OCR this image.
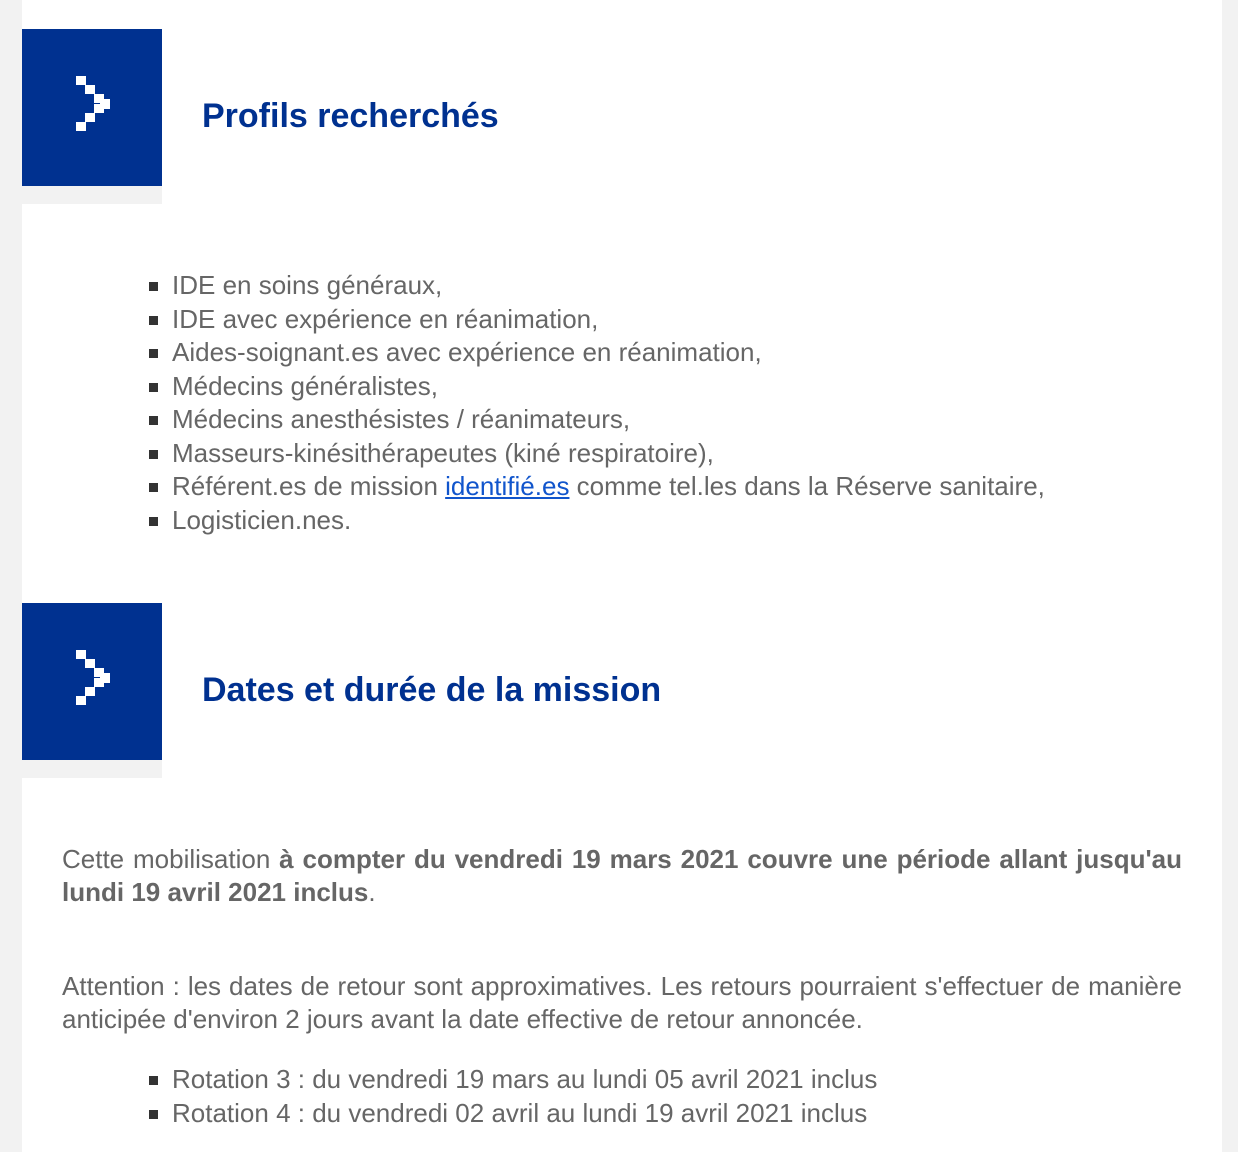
Profils recherchés
IDE en soins généraux,
IDE avec expérience en réanimation,
Aides-soignant.es avec expérience en réanimation,
Médecins généralistes,
Médecins anesthésistes / réanimateurs,
Masseurs-kinésithérapeutes (kiné respiratoire),
Référent.es de mission identifié.es comme tel.les dans la Réserve sanitaire,
Logisticien.nes.
Dates et durée de la mission

Cette mobilisation à compter du vendredi 19 mars 2021 couvre une période allant jusqu'au lundi 19 avril 2021 inclus.

Attention : les dates de retour sont approximatives. Les retours pourraient s'effectuer de manière anticipée d'environ 2 jours avant la date effective de retour annoncée.

Rotation 3 : du vendredi 19 mars au lundi 05 avril 2021 inclus
Rotation 4 : du vendredi 02 avril au lundi 19 avril 2021 inclus
